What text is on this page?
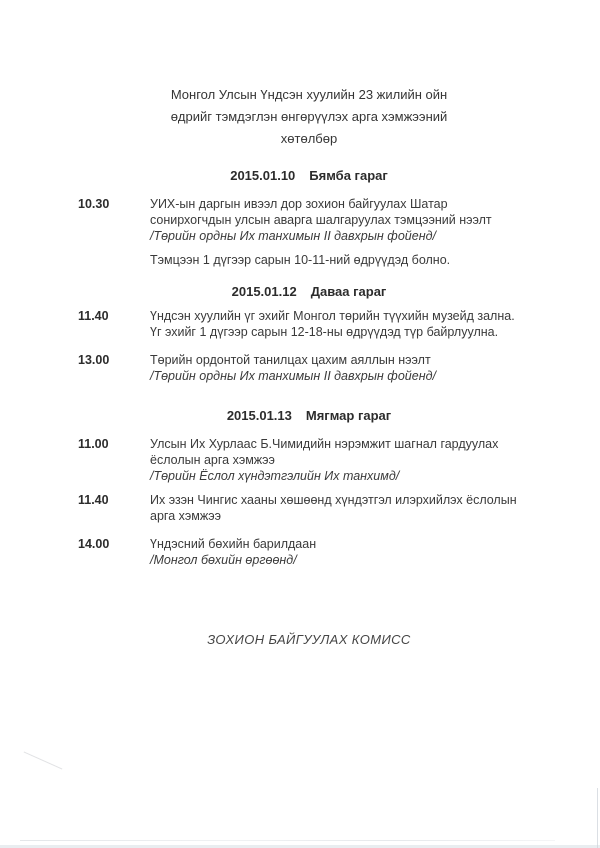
Монгол Улсын Үндсэн хуулийн 23 жилийн ойн
өдрийг тэмдэглэн өнгөрүүлэх арга хэмжээний
хөтөлбөр
2015.01.10 Бямба гараг
10.30	УИХ-ын даргын ивээл дор зохион байгуулах Шатар
сонирхогчдын улсын аварга шалгаруулах тэмцээний нээлт
/Төрийн ордны Их танхимын II давхрын фойенд/
Тэмцээн 1 дүгээр сарын 10-11-ний өдрүүдэд болно.
2015.01.12 Даваа гараг
11.40	Үндсэн хуулийн үг эхийг Монгол төрийн түүхийн музейд зална.
Үг эхийг 1 дүгээр сарын 12-18-ны өдрүүдэд түр байрлуулна.
13.00	Төрийн ордонтой танилцах цахим аяллын нээлт
/Төрийн ордны Их танхимын II давхрын фойенд/
2015.01.13 Мягмар гараг
11.00	Улсын Их Хурлаас Б.Чимидийн нэрэмжит шагнал гардуулах
ёслолын арга хэмжээ
/Төрийн Ёслол хүндэтгэлийн Их танхимд/
11.40	Их эзэн Чингис хааны хөшөөнд хүндэтгэл илэрхийлэх ёслолын
арга хэмжээ
14.00	Үндэсний бөхийн барилдаан
/Монгол бөхийн өргөөнд/
ЗОХИОН БАЙГУУЛАХ КОМИСС
